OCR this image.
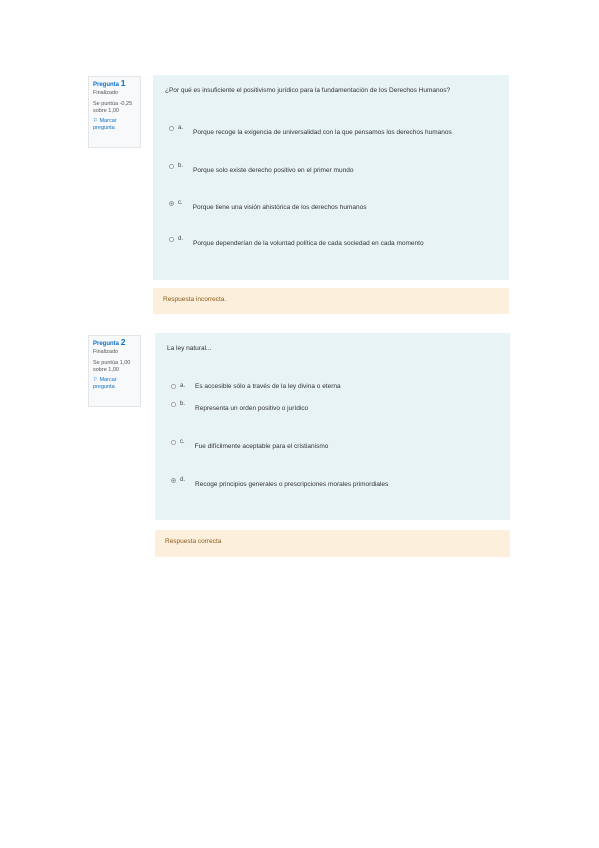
Pregunta 1
Finalizado
Se puntúa -0,25 sobre 1,00
⚐ Marcar pregunta
¿Por qué es insuficiente el positivismo jurídico para la fundamentación de los Derechos Humanos?
a.
Porque recoge la exigencia de universalidad con la que pensamos los derechos humanos
b.
Porque solo existe derecho positivo en el primer mundo
c.
Porque tiene una visión ahistórica de los derechos humanos
d.
Porque dependerían de la voluntad política de cada sociedad en cada momento
Respuesta incorrecta.
Pregunta 2
Finalizado
Se puntúa 1,00 sobre 1,00
⚐ Marcar pregunta
La ley natural...
a. Es accesible sólo a través de la ley divina o eterna
b.
Representa un orden positivo o jurídico
c.
Fue difícilmente aceptable para el cristianismo
d.
Recoge principios generales o prescripciones morales primordiales
Respuesta correcta
